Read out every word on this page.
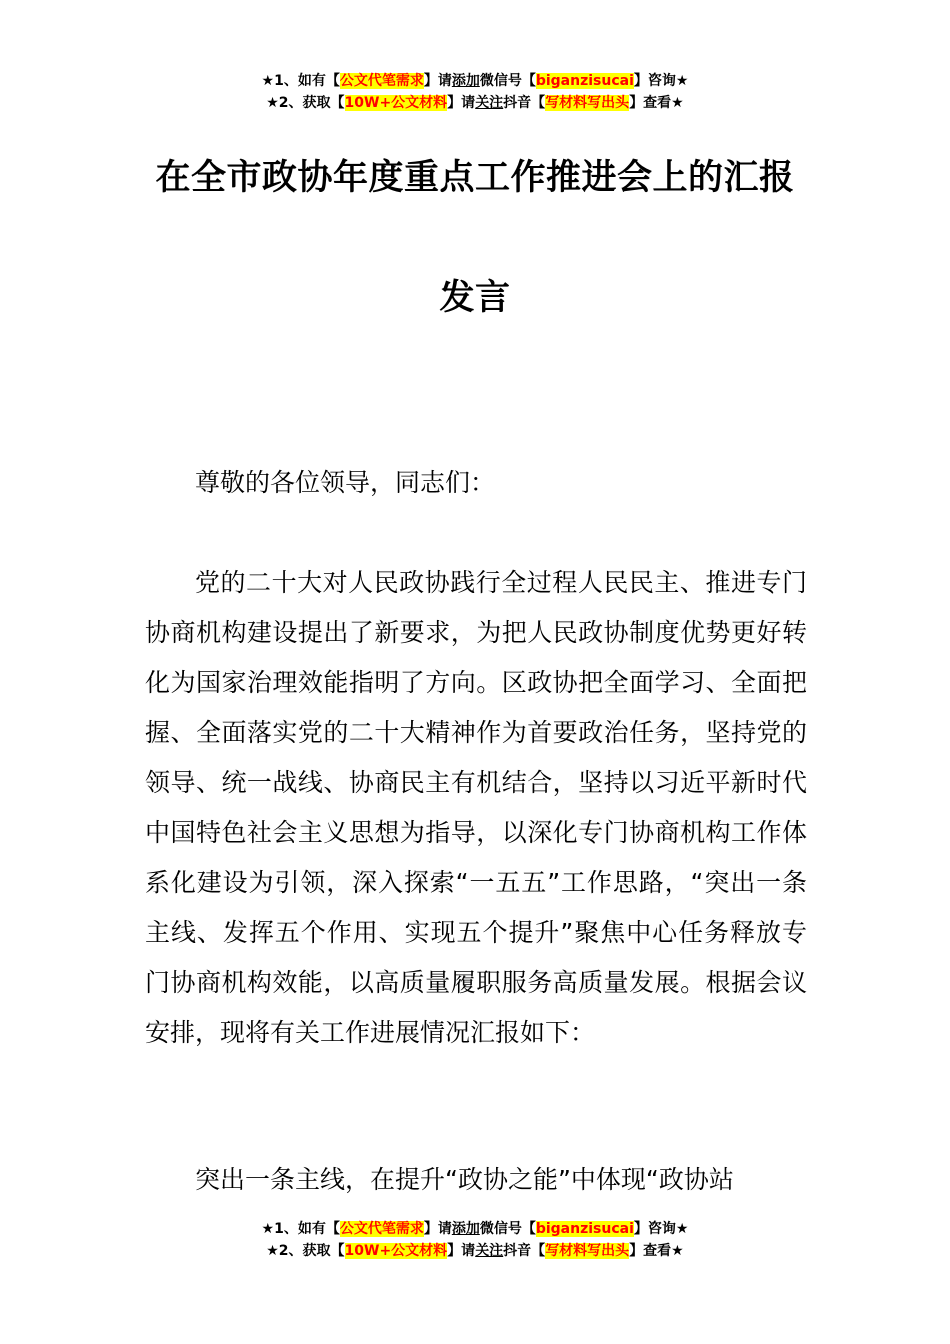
★1、如有【公文代笔需求】请添加微信号【biganzisucai】咨询★
★2、获取【10W+公文材料】请关注抖音【写材料写出头】查看★
在全市政协年度重点工作推进会上的汇报
发言
尊敬的各位领导，同志们：

党的二十大对人民政协践行全过程人民民主、推进专门协商机构建设提出了新要求，为把人民政协制度优势更好转化为国家治理效能指明了方向。区政协把全面学习、全面把握、全面落实党的二十大精神作为首要政治任务，坚持党的领导、统一战线、协商民主有机结合，坚持以习近平新时代中国特色社会主义思想为指导，以深化专门协商机构工作体系化建设为引领，深入探索“一五五”工作思路，“突出一条主线、发挥五个作用、实现五个提升”聚焦中心任务释放专门协商机构效能，以高质量履职服务高质量发展。根据会议安排，现将有关工作进展情况汇报如下：

突出一条主线，在提升“政协之能”中体现“政协站

★1、如有【公文代笔需求】请添加微信号【biganzisucai】咨询★
★2、获取【10W+公文材料】请关注抖音【写材料写出头】查看★
